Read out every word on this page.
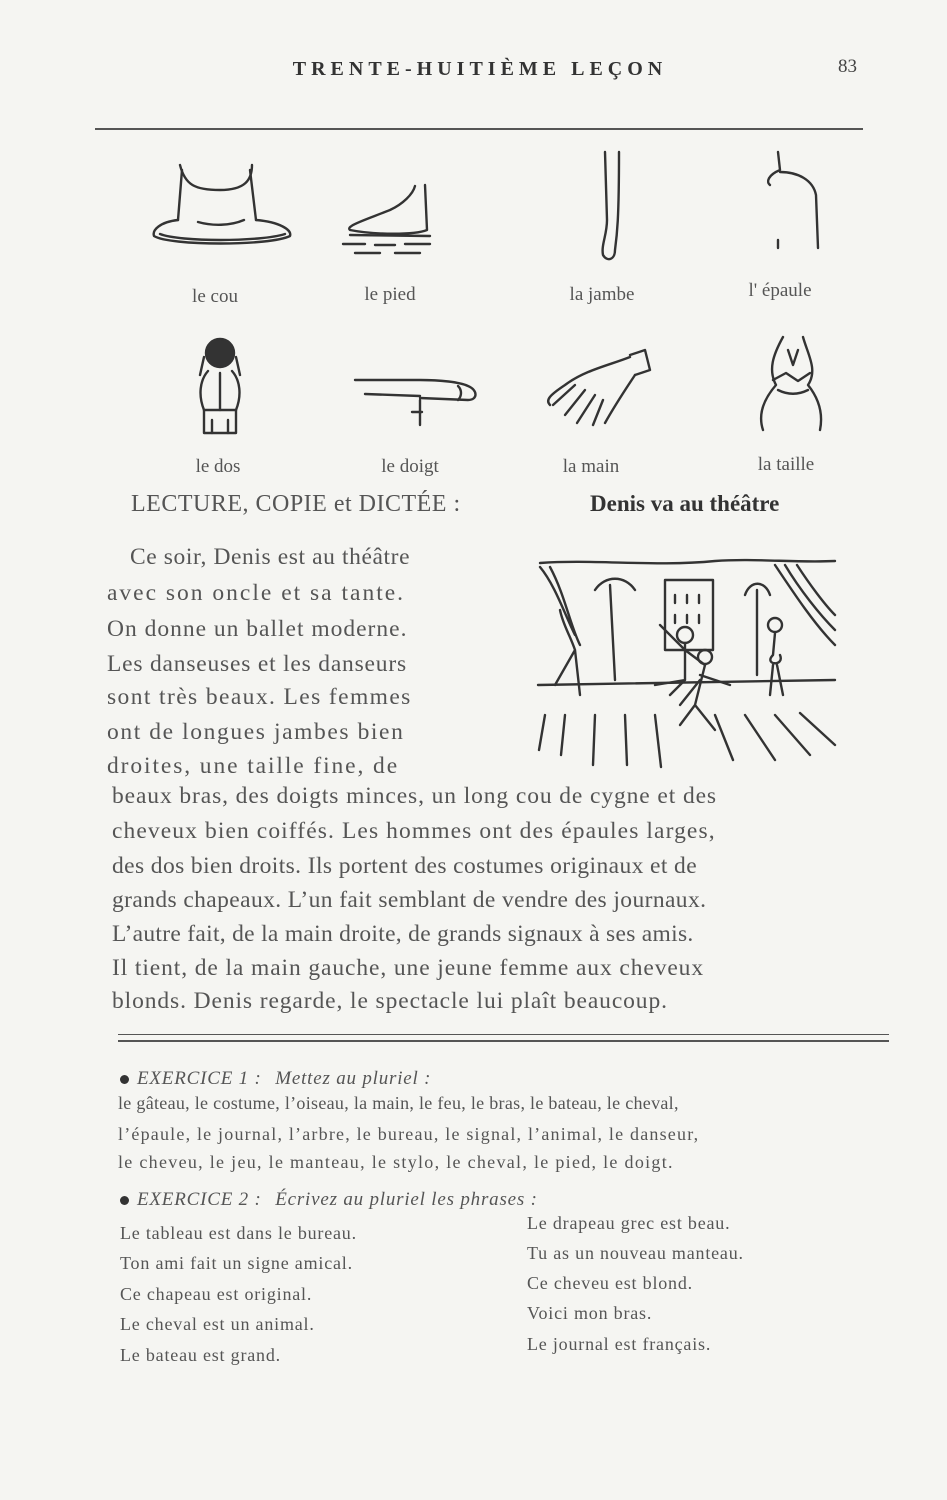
TRENTE-HUITIÈME LEÇON	83
le cou	le pied	la jambe	l' épaule
le dos	le doigt	la main	la taille
LECTURE, COPIE et DICTÉE :	Denis va au théâtre
Ce soir, Denis est au théâtre
avec son oncle et sa tante.
On donne un ballet moderne.
Les danseuses et les danseurs
sont très beaux. Les femmes
ont de longues jambes bien
droites, une taille fine, de
beaux bras, des doigts minces, un long cou de cygne et des
cheveux bien coiffés. Les hommes ont des épaules larges,
des dos bien droits. Ils portent des costumes originaux et de
grands chapeaux. L’un fait semblant de vendre des journaux.
L’autre fait, de la main droite, de grands signaux à ses amis.
Il tient, de la main gauche, une jeune femme aux cheveux
blonds. Denis regarde, le spectacle lui plaît beaucoup.
EXERCICE 1 : Mettez au pluriel :
le gâteau, le costume, l’oiseau, la main, le feu, le bras, le bateau, le cheval,
l’épaule, le journal, l’arbre, le bureau, le signal, l’animal, le danseur,
le cheveu, le jeu, le manteau, le stylo, le cheval, le pied, le doigt.
EXERCICE 2 : Écrivez au pluriel les phrases :
Le tableau est dans le bureau.
Ton ami fait un signe amical.
Ce chapeau est original.
Le cheval est un animal.
Le bateau est grand.
Le drapeau grec est beau.
Tu as un nouveau manteau.
Ce cheveu est blond.
Voici mon bras.
Le journal est français.
